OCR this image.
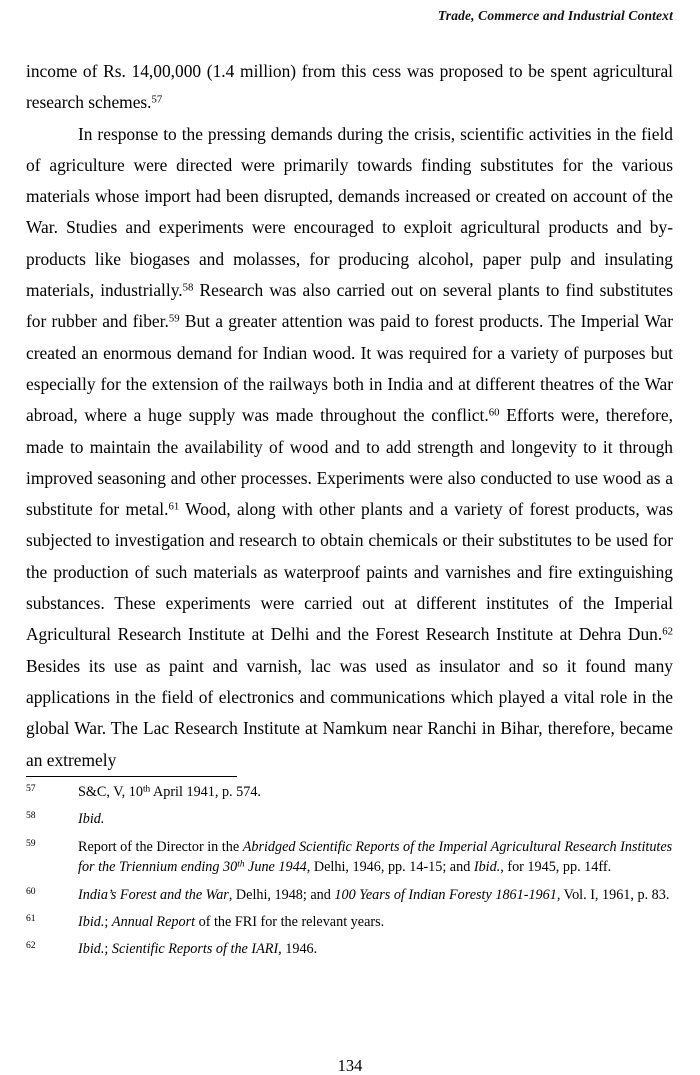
Trade, Commerce and Industrial Context

income of Rs. 14,00,000 (1.4 million) from this cess was proposed to be spent agricultural research schemes.$^{57}$

In response to the pressing demands during the crisis, scientific activities in the field of agriculture were directed were primarily towards finding substitutes for the various materials whose import had been disrupted, demands increased or created on account of the War. Studies and experiments were encouraged to exploit agricultural products and by-products like biogases and molasses, for producing alcohol, paper pulp and insulating materials, industrially.$^{58}$ Research was also carried out on several plants to find substitutes for rubber and fiber.$^{59}$ But a greater attention was paid to forest products. The Imperial War created an enormous demand for Indian wood. It was required for a variety of purposes but especially for the extension of the railways both in India and at different theatres of the War abroad, where a huge supply was made throughout the conflict.$^{60}$ Efforts were, therefore, made to maintain the availability of wood and to add strength and longevity to it through improved seasoning and other processes. Experiments were also conducted to use wood as a substitute for metal.$^{61}$ Wood, along with other plants and a variety of forest products, was subjected to investigation and research to obtain chemicals or their substitutes to be used for the production of such materials as waterproof paints and varnishes and fire extinguishing substances. These experiments were carried out at different institutes of the Imperial Agricultural Research Institute at Delhi and the Forest Research Institute at Dehra Dun.$^{62}$ Besides its use as paint and varnish, lac was used as insulator and so it found many applications in the field of electronics and communications which played a vital role in the global War. The Lac Research Institute at Namkum near Ranchi in Bihar, therefore, became an extremely

57	S&C, V, 10th April 1941, p. 574.
58	Ibid.
59	Report of the Director in the Abridged Scientific Reports of the Imperial Agricultural Research Institutes for the Triennium ending 30th June 1944, Delhi, 1946, pp. 14-15; and Ibid., for 1945, pp. 14ff.
60	India’s Forest and the War, Delhi, 1948; and 100 Years of Indian Foresty 1861-1961, Vol. I, 1961, p. 83.
61	Ibid.; Annual Report of the FRI for the relevant years.
62	Ibid.; Scientific Reports of the IARI, 1946.
134
